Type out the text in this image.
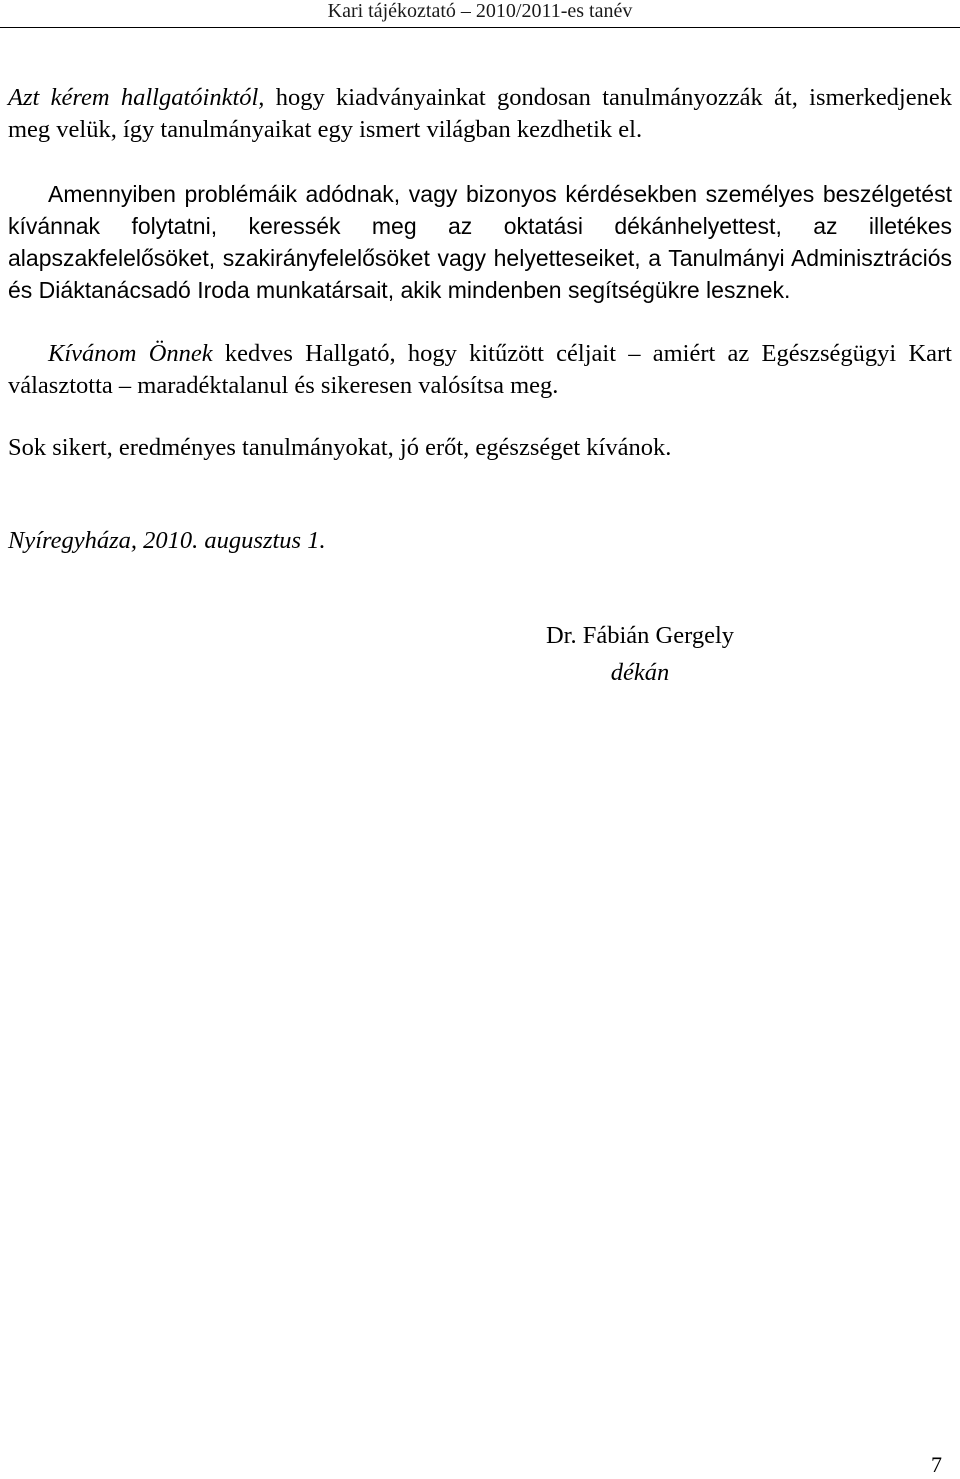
Kari tájékoztató – 2010/2011-es tanév

Azt kérem hallgatóinktól, hogy kiadványainkat gondosan tanulmányozzák át, ismerkedjenek meg velük, így tanulmányaikat egy ismert világban kezdhetik el.

Amennyiben problémáik adódnak, vagy bizonyos kérdésekben személyes beszélgetést kívánnak folytatni, keressék meg az oktatási dékánhelyettest, az illetékes alapszakfelelősöket, szakirányfelelősöket vagy helyetteseiket, a Tanulmányi Adminisztrációs és Diáktanácsadó Iroda munkatársait, akik mindenben segítségükre lesznek.

Kívánom Önnek kedves Hallgató, hogy kitűzött céljait – amiért az Egészségügyi Kart választotta – maradéktalanul és sikeresen valósítsa meg.

Sok sikert, eredményes tanulmányokat, jó erőt, egészséget kívánok.

Nyíregyháza, 2010. augusztus 1.
Dr. Fábián Gergely
dékán
7
